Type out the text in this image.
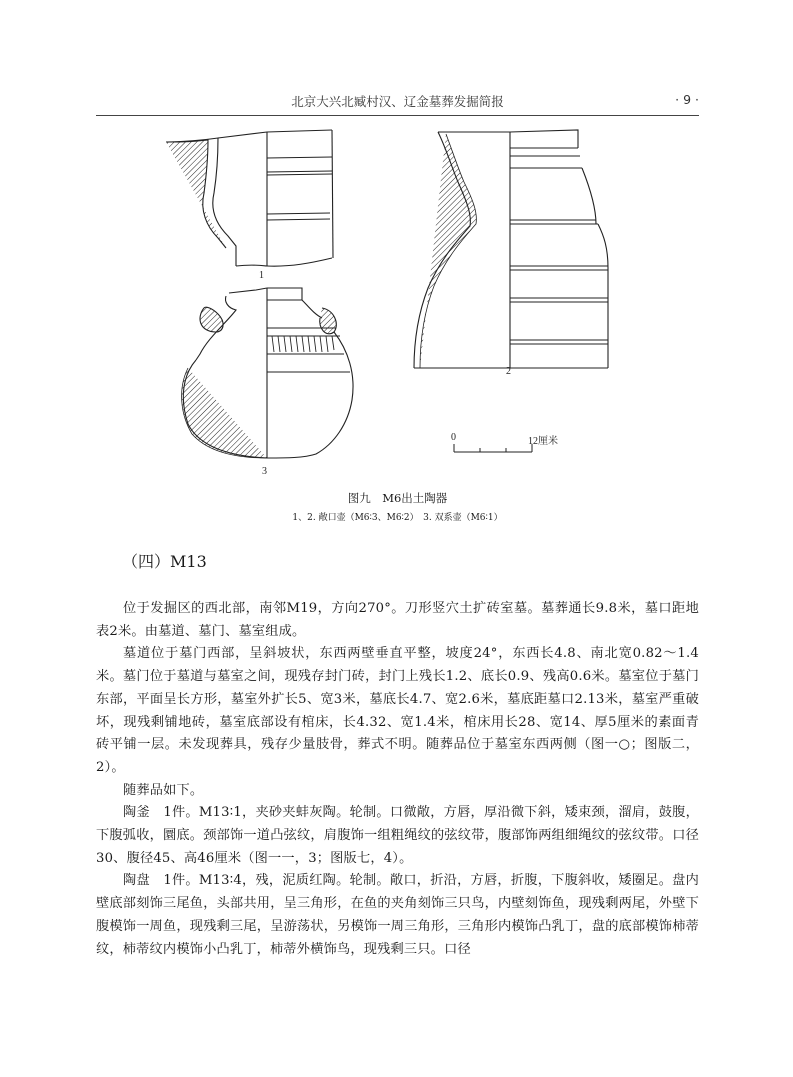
北京大兴北臧村汉、辽金墓葬发掘简报	· 9 ·
1
2
3
0	12厘米
图九　M6出土陶器
1、2. 敞口壶（M6∶3、M6∶2）　3. 双系壶（M6∶1）
（四）M13

位于发掘区的西北部，南邻M19，方向270°。刀形竖穴土扩砖室墓。墓葬通长9.8米，墓口距地表2米。由墓道、墓门、墓室组成。

墓道位于墓门西部，呈斜坡状，东西两壁垂直平整，坡度24°，东西长4.8、南北宽0.82～1.4米。墓门位于墓道与墓室之间，现残存封门砖，封门上残长1.2、底长0.9、残高0.6米。墓室位于墓门东部，平面呈长方形，墓室外扩长5、宽3米，墓底长4.7、宽2.6米，墓底距墓口2.13米，墓室严重破坏，现残剩铺地砖，墓室底部设有棺床，长4.32、宽1.4米，棺床用长28、宽14、厚5厘米的素面青砖平铺一层。未发现葬具，残存少量肢骨，葬式不明。随葬品位于墓室东西两侧（图一○；图版二，2）。

随葬品如下。

陶釜　1件。M13∶1，夹砂夹蚌灰陶。轮制。口微敞，方唇，厚沿微下斜，矮束颈，溜肩，鼓腹，下腹弧收，圜底。颈部饰一道凸弦纹，肩腹饰一组粗绳纹的弦纹带，腹部饰两组细绳纹的弦纹带。口径30、腹径45、高46厘米（图一一，3；图版七，4）。

陶盘　1件。M13∶4，残，泥质红陶。轮制。敞口，折沿，方唇，折腹，下腹斜收，矮圈足。盘内壁底部刻饰三尾鱼，头部共用，呈三角形，在鱼的夹角刻饰三只鸟，内壁刻饰鱼，现残剩两尾，外壁下腹模饰一周鱼，现残剩三尾，呈游荡状，另模饰一周三角形，三角形内模饰凸乳丁，盘的底部模饰柿蒂纹，柿蒂纹内模饰小凸乳丁，柿蒂外横饰鸟，现残剩三只。口径
